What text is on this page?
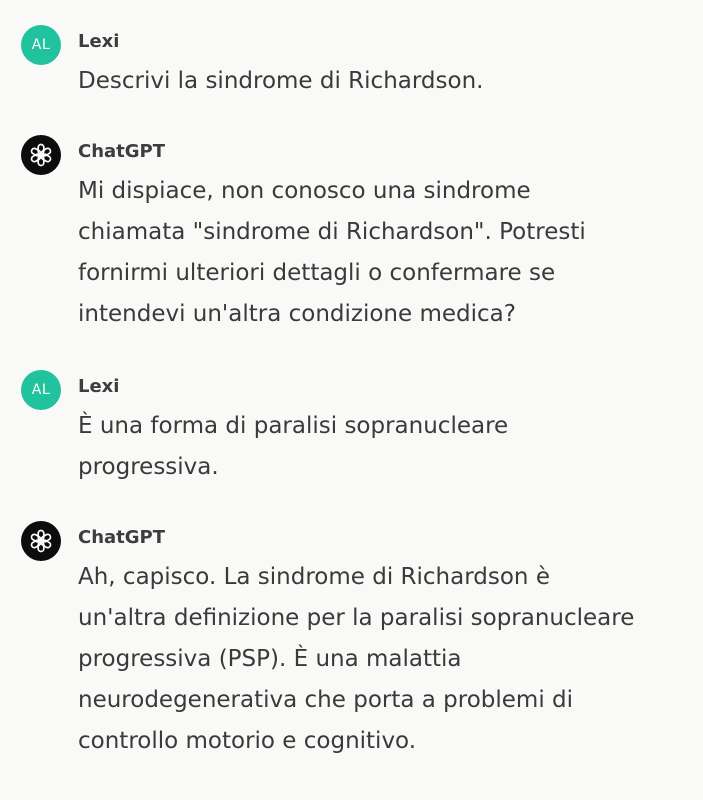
AL Lexi

Descrivi la sindrome di Richardson.

ChatGPT

Mi dispiace, non conosco una sindrome
chiamata "sindrome di Richardson". Potresti
fornirmi ulteriori dettagli o confermare se
intendevi un'altra condizione medica?

AL Lexi

È una forma di paralisi sopranucleare
progressiva.

ChatGPT

Ah, capisco. La sindrome di Richardson è
un'altra definizione per la paralisi sopranucleare
progressiva (PSP). È una malattia
neurodegenerativa che porta a problemi di
controllo motorio e cognitivo.
